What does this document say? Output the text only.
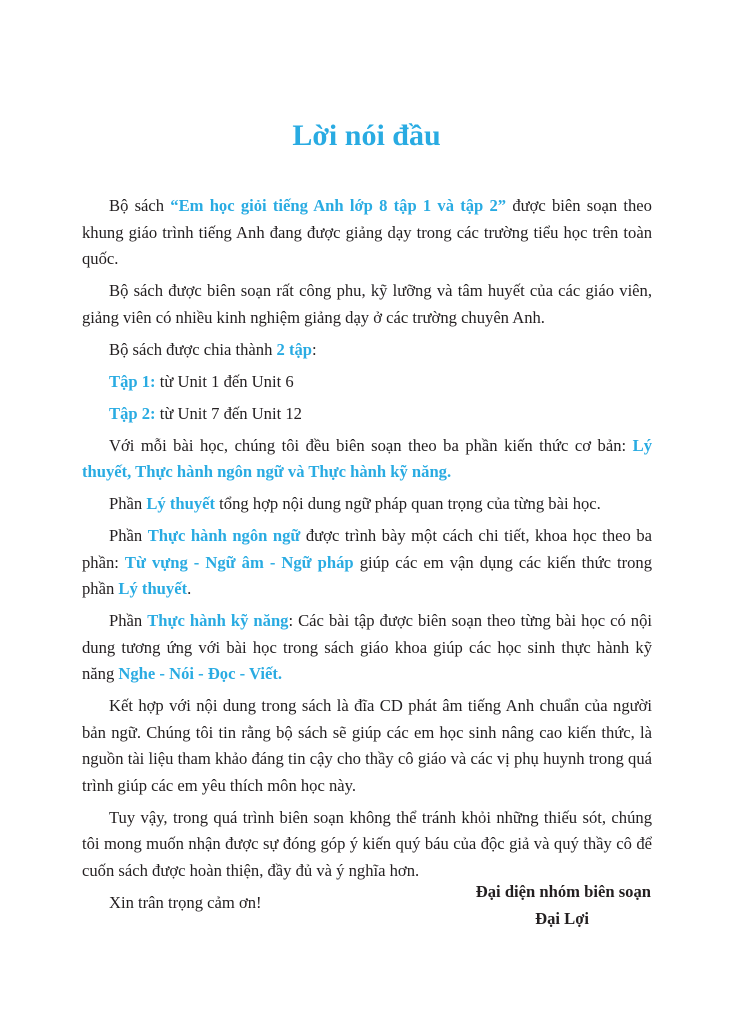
Lời nói đầu

Bộ sách “Em học giỏi tiếng Anh lớp 8 tập 1 và tập 2” được biên soạn theo khung giáo trình tiếng Anh đang được giảng dạy trong các trường tiểu học trên toàn quốc.

Bộ sách được biên soạn rất công phu, kỹ lưỡng và tâm huyết của các giáo viên, giảng viên có nhiều kinh nghiệm giảng dạy ở các trường chuyên Anh.

Bộ sách được chia thành 2 tập:

Tập 1: từ Unit 1 đến Unit 6

Tập 2: từ Unit 7 đến Unit 12

Với mỗi bài học, chúng tôi đều biên soạn theo ba phần kiến thức cơ bản: Lý thuyết, Thực hành ngôn ngữ và Thực hành kỹ năng.

Phần Lý thuyết tổng hợp nội dung ngữ pháp quan trọng của từng bài học.

Phần Thực hành ngôn ngữ được trình bày một cách chi tiết, khoa học theo ba phần: Từ vựng - Ngữ âm - Ngữ pháp giúp các em vận dụng các kiến thức trong phần Lý thuyết.

Phần Thực hành kỹ năng: Các bài tập được biên soạn theo từng bài học có nội dung tương ứng với bài học trong sách giáo khoa giúp các học sinh thực hành kỹ năng Nghe - Nói - Đọc - Viết.

Kết hợp với nội dung trong sách là đĩa CD phát âm tiếng Anh chuẩn của người bản ngữ. Chúng tôi tin rằng bộ sách sẽ giúp các em học sinh nâng cao kiến thức, là nguồn tài liệu tham khảo đáng tin cậy cho thầy cô giáo và các vị phụ huynh trong quá trình giúp các em yêu thích môn học này.

Tuy vậy, trong quá trình biên soạn không thể tránh khỏi những thiếu sót, chúng tôi mong muốn nhận được sự đóng góp ý kiến quý báu của độc giả và quý thầy cô để cuốn sách được hoàn thiện, đầy đủ và ý nghĩa hơn.

Xin trân trọng cảm ơn!

Đại diện nhóm biên soạn
Đại Lợi
